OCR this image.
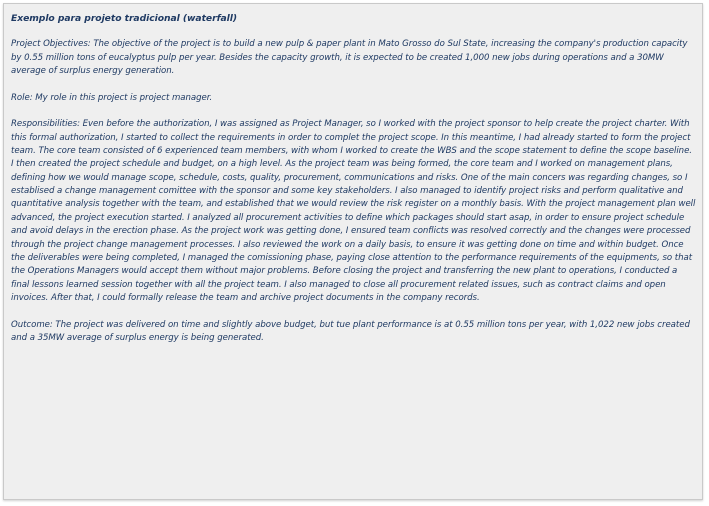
Exemplo para projeto tradicional (waterfall)
Project Objectives: The objective of the project is to build a new pulp & paper plant in Mato Grosso do Sul State, increasing the company's production capacity by 0.55 million tons of eucalyptus pulp per year. Besides the capacity growth, it is expected to be created 1,000 new jobs during operations and a 30MW average of surplus energy generation.
Role: My role in this project is project manager.
Responsibilities: Even before the authorization, I was assigned as Project Manager, so I worked with the project sponsor to help create the project charter. With this formal authorization, I started to collect the requirements in order to complet the project scope. In this meantime, I had already started to form the project team. The core team consisted of 6 experienced team members, with whom I worked to create the WBS and the scope statement to define the scope baseline. I then created the project schedule and budget, on a high level. As the project team was being formed, the core team and I worked on management plans, defining how we would manage scope, schedule, costs, quality, procurement, communications and risks. One of the main concers was regarding changes, so I establised a change management comittee with the sponsor and some key stakeholders. I also managed to identify project risks and perform qualitative and quantitative analysis together with the team, and established that we would review the risk register on a monthly basis. With the project management plan well advanced, the project execution started. I analyzed all procurement activities to define which packages should start asap, in order to ensure project schedule and avoid delays in the erection phase. As the project work was getting done, I ensured team conflicts was resolved correctly and the changes were processed through the project change management processes. I also reviewed the work on a daily basis, to ensure it was getting done on time and within budget. Once the deliverables were being completed, I managed the comissioning phase, paying close attention to the performance requirements of the equipments, so that the Operations Managers would accept them without major problems. Before closing the project and transferring the new plant to operations, I conducted a final lessons learned session together with all the project team. I also managed to close all procurement related issues, such as contract claims and open invoices. After that, I could formally release the team and archive project documents in the company records.
Outcome: The project was delivered on time and slightly above budget, but tue plant performance is at 0.55 million tons per year, with 1,022 new jobs created and a 35MW average of surplus energy is being generated.
